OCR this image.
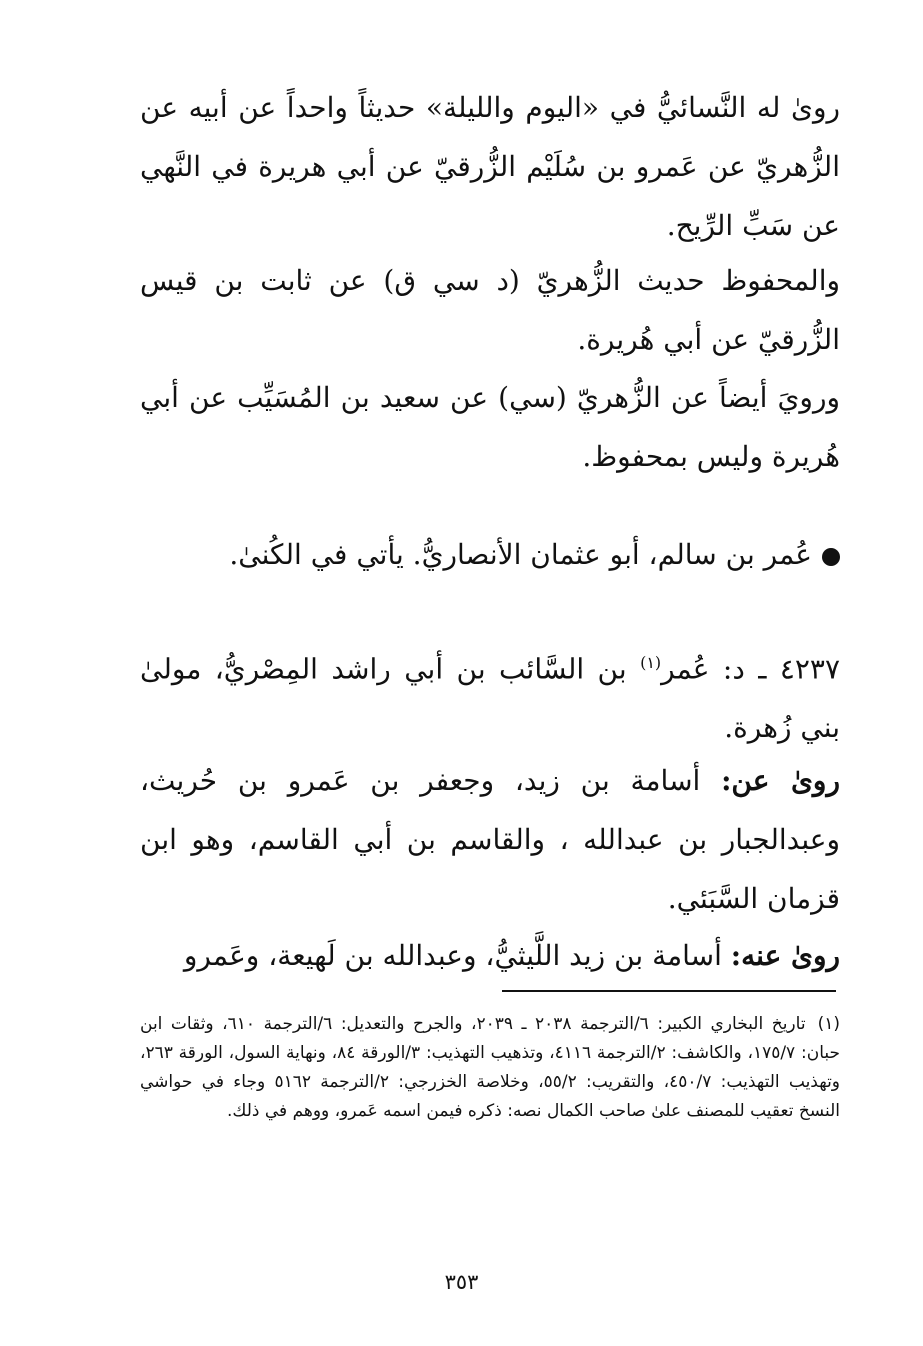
رویٰ له النَّسائيُّ في «اليوم والليلة» حديثاً واحداً عن أبيه عن الزُّهريّ عن عَمرو بن سُلَيْم الزُّرقيّ عن أبي هريرة في النَّهي عن سَبِّ الرِّيح.

والمحفوظ حديث الزُّهريّ (د سي ق) عن ثابت بن قيس الزُّرقيّ عن أبي هُريرة.

ورويَ أيضاً عن الزُّهريّ (سي) عن سعيد بن المُسَيِّب عن أبي هُريرة وليس بمحفوظ.

عُمر بن سالم، أبو عثمان الأنصاريُّ. يأتي في الكُنىٰ.

٤٢٣٧ ـ د: عُمر$^{(١)}$ بن السَّائب بن أبي راشد المِصْريُّ، مولىٰ بني زُهرة.

رویٰ عن: أسامة بن زيد، وجعفر بن عَمرو بن حُريث، وعبدالجبار بن عبدالله ، والقاسم بن أبي القاسم، وهو ابن قزمان السَّبَئي.

رویٰ عنه: أسامة بن زيد اللَّيثيُّ، وعبدالله بن لَهيعة، وعَمرو

(١)تاريخ البخاري الكبير: ٦/الترجمة ٢٠٣٨ ـ ٢٠٣٩، والجرح والتعديل: ٦/الترجمة ٦١٠، وثقات ابن حبان: ١٧٥/٧، والكاشف: ٢/الترجمة ٤١١٦، وتذهيب التهذيب: ٣/الورقة ٨٤، ونهاية السول، الورقة ٢٦٣، وتهذيب التهذيب: ٤٥٠/٧، والتقريب: ٥٥/٢، وخلاصة الخزرجي: ٢/الترجمة ٥١٦٢ وجاء في حواشي النسخ تعقيب للمصنف علىٰ صاحب الكمال نصه: ذكره فيمن اسمه عَمرو، ووهم في ذلك.
٣٥٣
